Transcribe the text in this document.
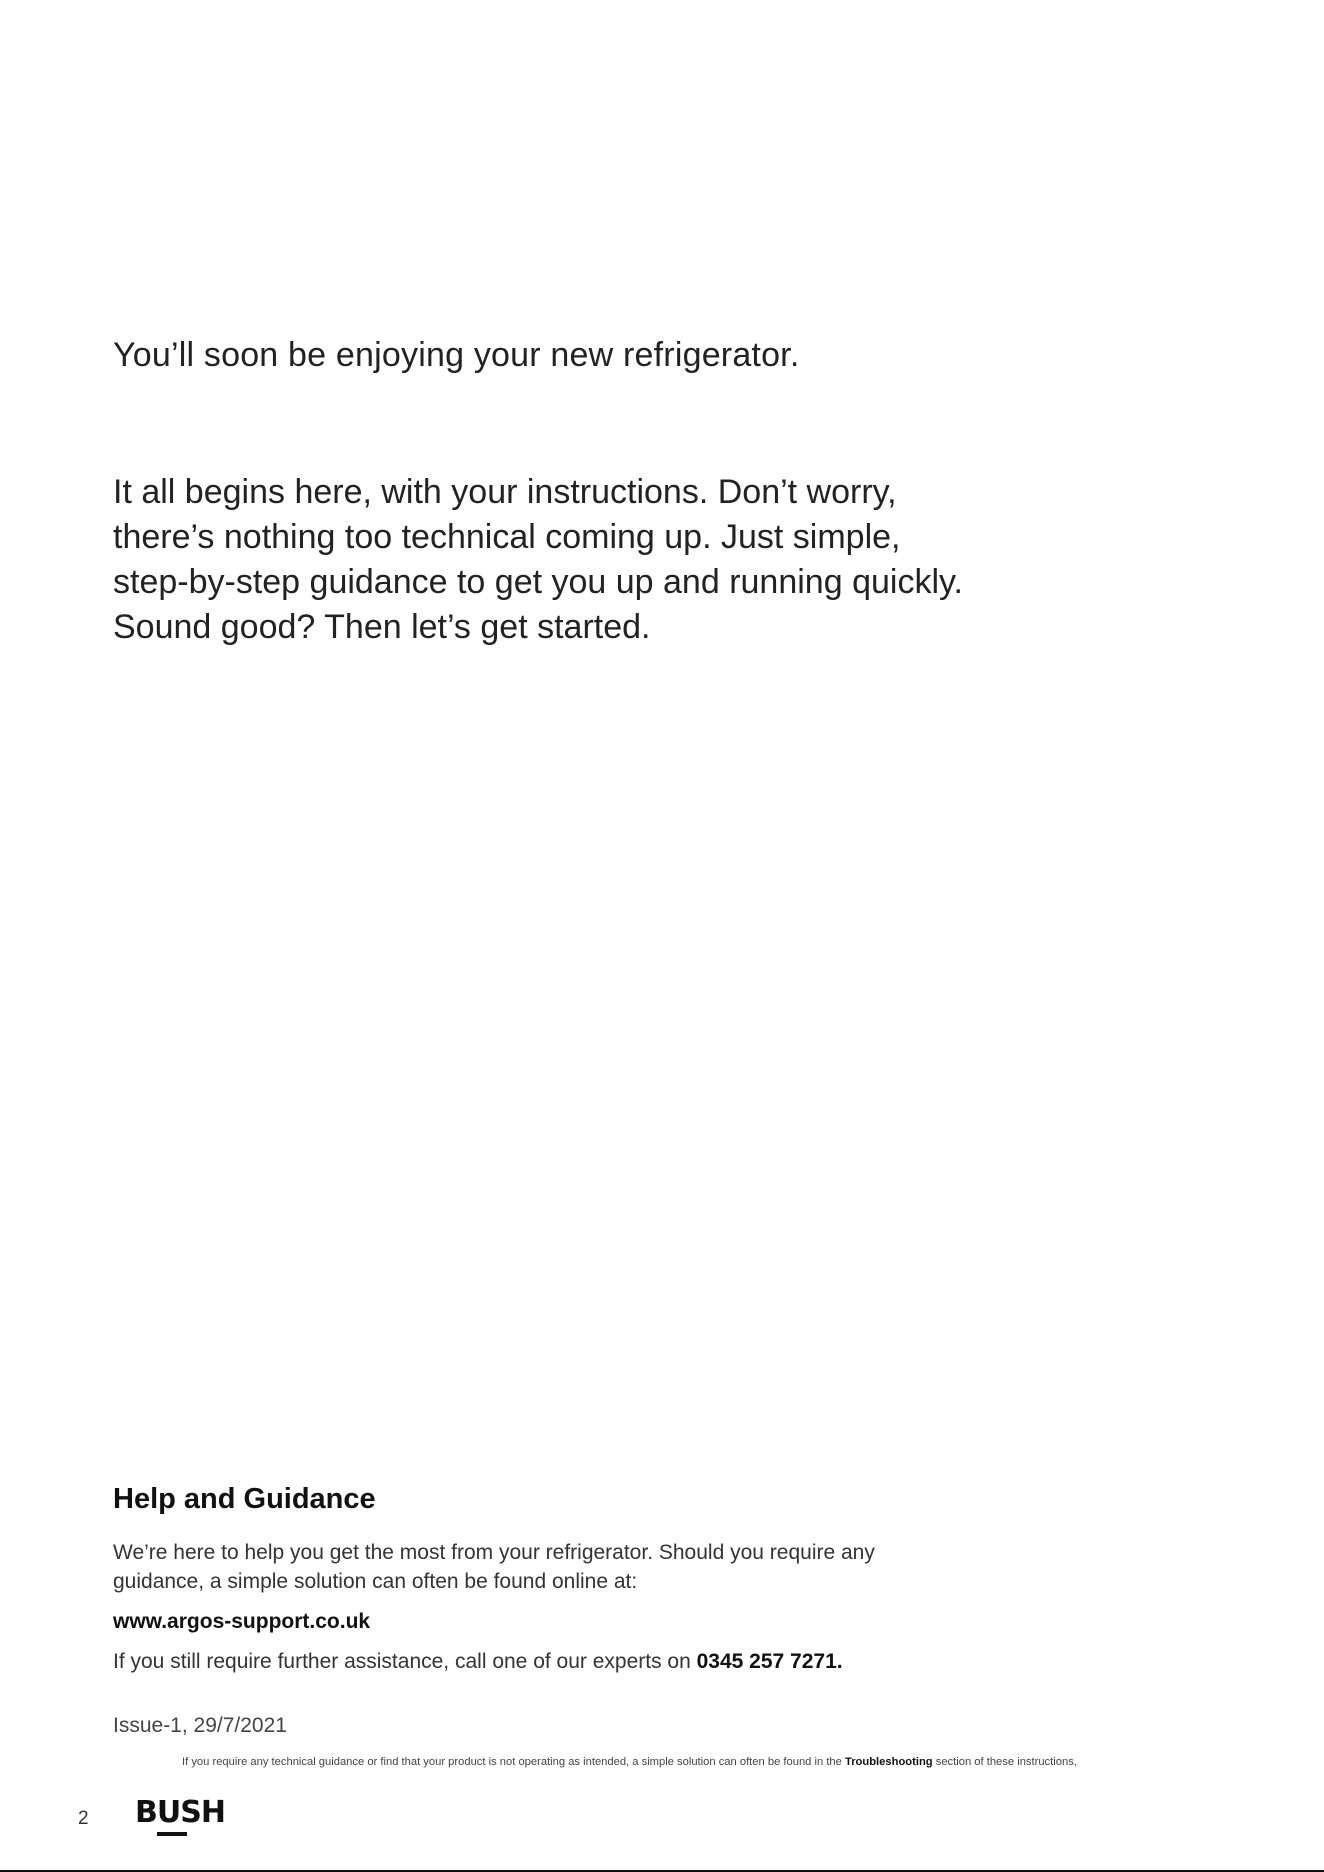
You’ll soon be enjoying your new refrigerator.

It all begins here, with your instructions. Don’t worry, there’s nothing too technical coming up. Just simple, step-by-step guidance to get you up and running quickly. Sound good? Then let’s get started.

Help and Guidance

We’re here to help you get the most from your refrigerator. Should you require any guidance, a simple solution can often be found online at:

www.argos-support.co.uk

If you still require further assistance, call one of our experts on 0345 257 7271.

Issue-1, 29/7/2021

If you require any technical guidance or find that your product is not operating as intended, a simple solution can often be found in the Troubleshooting section of these instructions,

2 BUSH
